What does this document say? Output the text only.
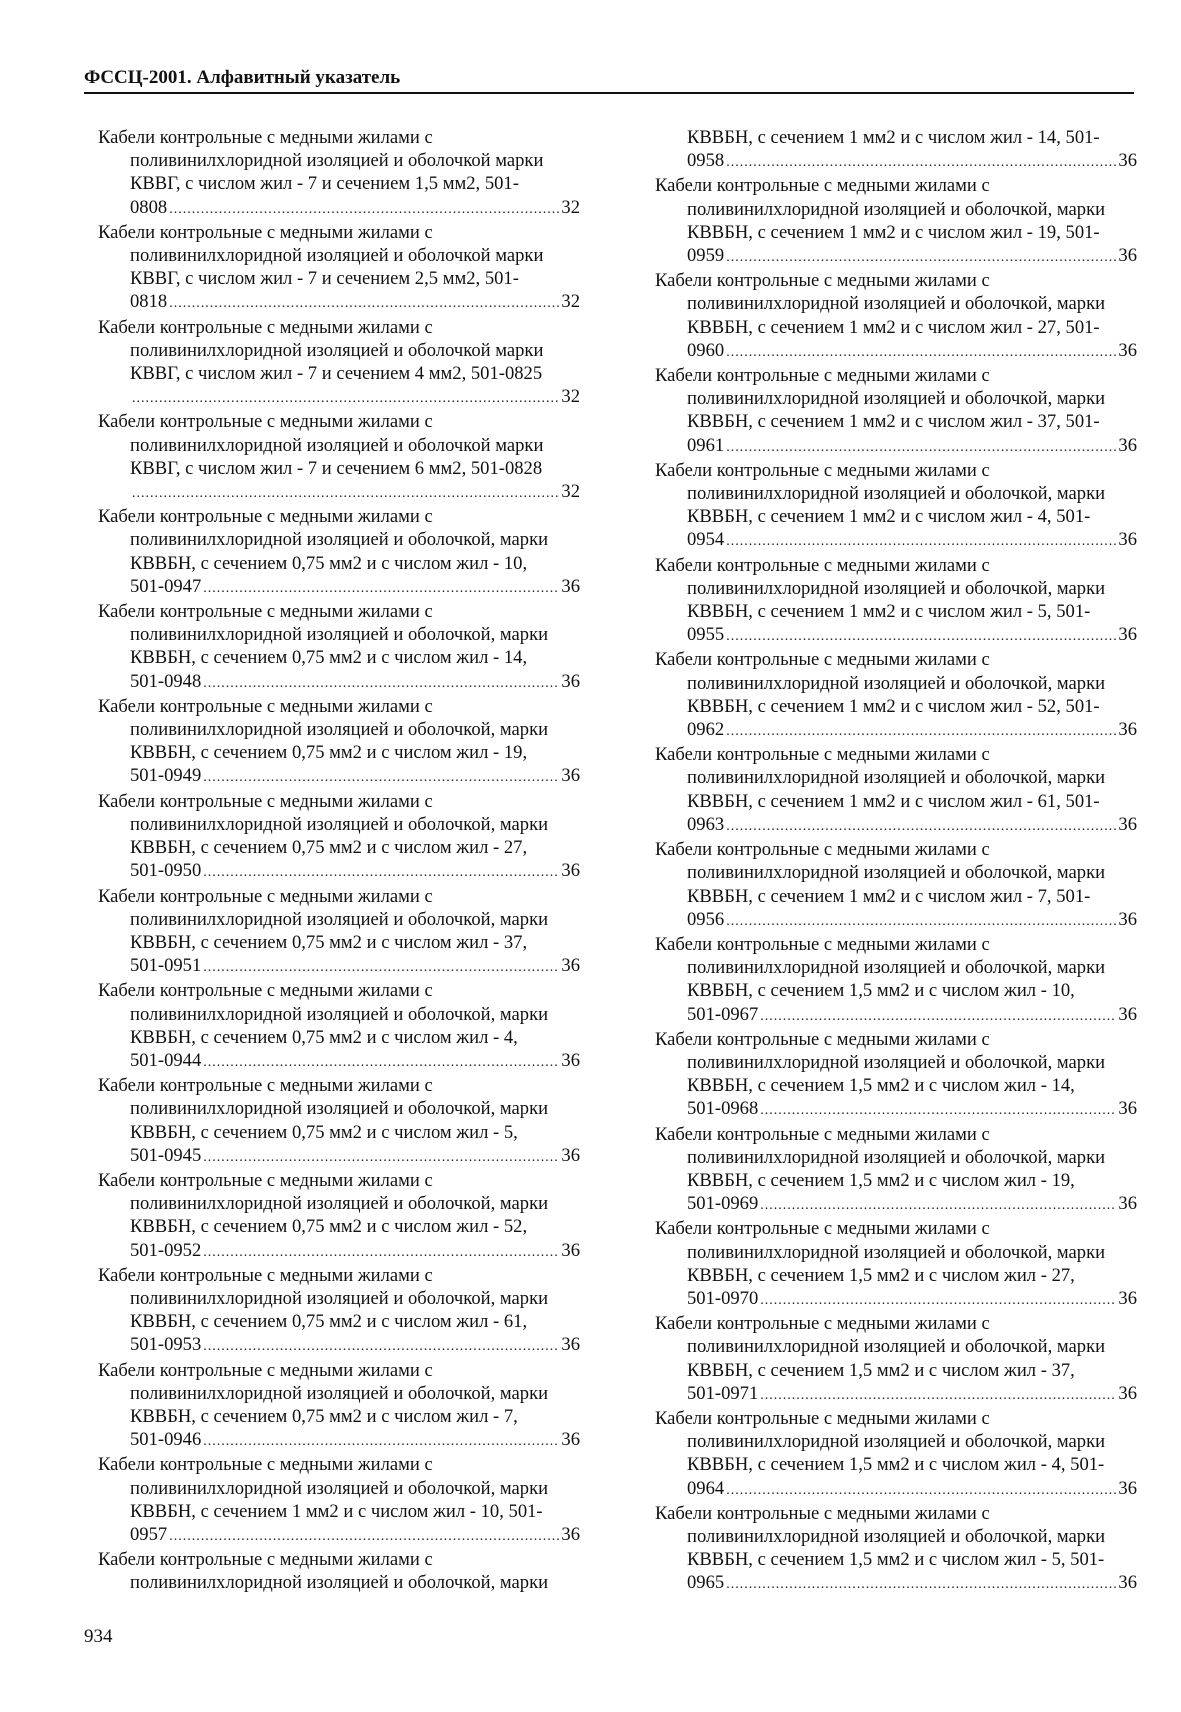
ФССЦ-2001. Алфавитный указатель
Кабели контрольные с медными жилами с
поливинилхлоридной изоляцией и оболочкой марки
КВВГ, с числом жил - 7 и сечением 1,5 мм2, 501-
0808 .....	32
Кабели контрольные с медными жилами с
поливинилхлоридной изоляцией и оболочкой марки
КВВГ, с числом жил - 7 и сечением 2,5 мм2, 501-
0818 .....	32
Кабели контрольные с медными жилами с
поливинилхлоридной изоляцией и оболочкой марки
КВВГ, с числом жил - 7 и сечением 4 мм2, 501-0825
.....
32
Кабели контрольные с медными жилами с
поливинилхлоридной изоляцией и оболочкой марки
КВВГ, с числом жил - 7 и сечением 6 мм2, 501-0828
.....
32
Кабели контрольные с медными жилами с
поливинилхлоридной изоляцией и оболочкой, марки
КВВБН, с сечением 0,75 мм2 и с числом жил - 10,
501-0947 .....	36
Кабели контрольные с медными жилами с
поливинилхлоридной изоляцией и оболочкой, марки
КВВБН, с сечением 0,75 мм2 и с числом жил - 14,
501-0948 .....	36
Кабели контрольные с медными жилами с
поливинилхлоридной изоляцией и оболочкой, марки
КВВБН, с сечением 0,75 мм2 и с числом жил - 19,
501-0949 .....	36
Кабели контрольные с медными жилами с
поливинилхлоридной изоляцией и оболочкой, марки
КВВБН, с сечением 0,75 мм2 и с числом жил - 27,
501-0950 .....	36
Кабели контрольные с медными жилами с
поливинилхлоридной изоляцией и оболочкой, марки
КВВБН, с сечением 0,75 мм2 и с числом жил - 37,
501-0951 .....	36
Кабели контрольные с медными жилами с
поливинилхлоридной изоляцией и оболочкой, марки
КВВБН, с сечением 0,75 мм2 и с числом жил - 4,
501-0944 .....	36
Кабели контрольные с медными жилами с
поливинилхлоридной изоляцией и оболочкой, марки
КВВБН, с сечением 0,75 мм2 и с числом жил - 5,
501-0945 .....	36
Кабели контрольные с медными жилами с
поливинилхлоридной изоляцией и оболочкой, марки
КВВБН, с сечением 0,75 мм2 и с числом жил - 52,
501-0952 .....	36
Кабели контрольные с медными жилами с
поливинилхлоридной изоляцией и оболочкой, марки
КВВБН, с сечением 0,75 мм2 и с числом жил - 61,
501-0953 .....	36
Кабели контрольные с медными жилами с
поливинилхлоридной изоляцией и оболочкой, марки
КВВБН, с сечением 0,75 мм2 и с числом жил - 7,
501-0946 .....	36
Кабели контрольные с медными жилами с
поливинилхлоридной изоляцией и оболочкой, марки
КВВБН, с сечением 1 мм2 и с числом жил - 10, 501-
0957 .....	36
Кабели контрольные с медными жилами с
поливинилхлоридной изоляцией и оболочкой, марки
КВВБН, с сечением 1 мм2 и с числом жил - 14, 501-
0958 .....	36
Кабели контрольные с медными жилами с
поливинилхлоридной изоляцией и оболочкой, марки
КВВБН, с сечением 1 мм2 и с числом жил - 19, 501-
0959 .....	36
Кабели контрольные с медными жилами с
поливинилхлоридной изоляцией и оболочкой, марки
КВВБН, с сечением 1 мм2 и с числом жил - 27, 501-
0960 .....	36
Кабели контрольные с медными жилами с
поливинилхлоридной изоляцией и оболочкой, марки
КВВБН, с сечением 1 мм2 и с числом жил - 37, 501-
0961 .....	36
Кабели контрольные с медными жилами с
поливинилхлоридной изоляцией и оболочкой, марки
КВВБН, с сечением 1 мм2 и с числом жил - 4, 501-
0954 .....	36
Кабели контрольные с медными жилами с
поливинилхлоридной изоляцией и оболочкой, марки
КВВБН, с сечением 1 мм2 и с числом жил - 5, 501-
0955 .....	36
Кабели контрольные с медными жилами с
поливинилхлоридной изоляцией и оболочкой, марки
КВВБН, с сечением 1 мм2 и с числом жил - 52, 501-
0962 .....	36
Кабели контрольные с медными жилами с
поливинилхлоридной изоляцией и оболочкой, марки
КВВБН, с сечением 1 мм2 и с числом жил - 61, 501-
0963 .....	36
Кабели контрольные с медными жилами с
поливинилхлоридной изоляцией и оболочкой, марки
КВВБН, с сечением 1 мм2 и с числом жил - 7, 501-
0956 .....	36
Кабели контрольные с медными жилами с
поливинилхлоридной изоляцией и оболочкой, марки
КВВБН, с сечением 1,5 мм2 и с числом жил - 10,
501-0967 .....	36
Кабели контрольные с медными жилами с
поливинилхлоридной изоляцией и оболочкой, марки
КВВБН, с сечением 1,5 мм2 и с числом жил - 14,
501-0968 .....	36
Кабели контрольные с медными жилами с
поливинилхлоридной изоляцией и оболочкой, марки
КВВБН, с сечением 1,5 мм2 и с числом жил - 19,
501-0969 .....	36
Кабели контрольные с медными жилами с
поливинилхлоридной изоляцией и оболочкой, марки
КВВБН, с сечением 1,5 мм2 и с числом жил - 27,
501-0970 .....	36
Кабели контрольные с медными жилами с
поливинилхлоридной изоляцией и оболочкой, марки
КВВБН, с сечением 1,5 мм2 и с числом жил - 37,
501-0971 .....	36
Кабели контрольные с медными жилами с
поливинилхлоридной изоляцией и оболочкой, марки
КВВБН, с сечением 1,5 мм2 и с числом жил - 4, 501-
0964 .....	36
Кабели контрольные с медными жилами с
поливинилхлоридной изоляцией и оболочкой, марки
КВВБН, с сечением 1,5 мм2 и с числом жил - 5, 501-
0965 .....	36
934
